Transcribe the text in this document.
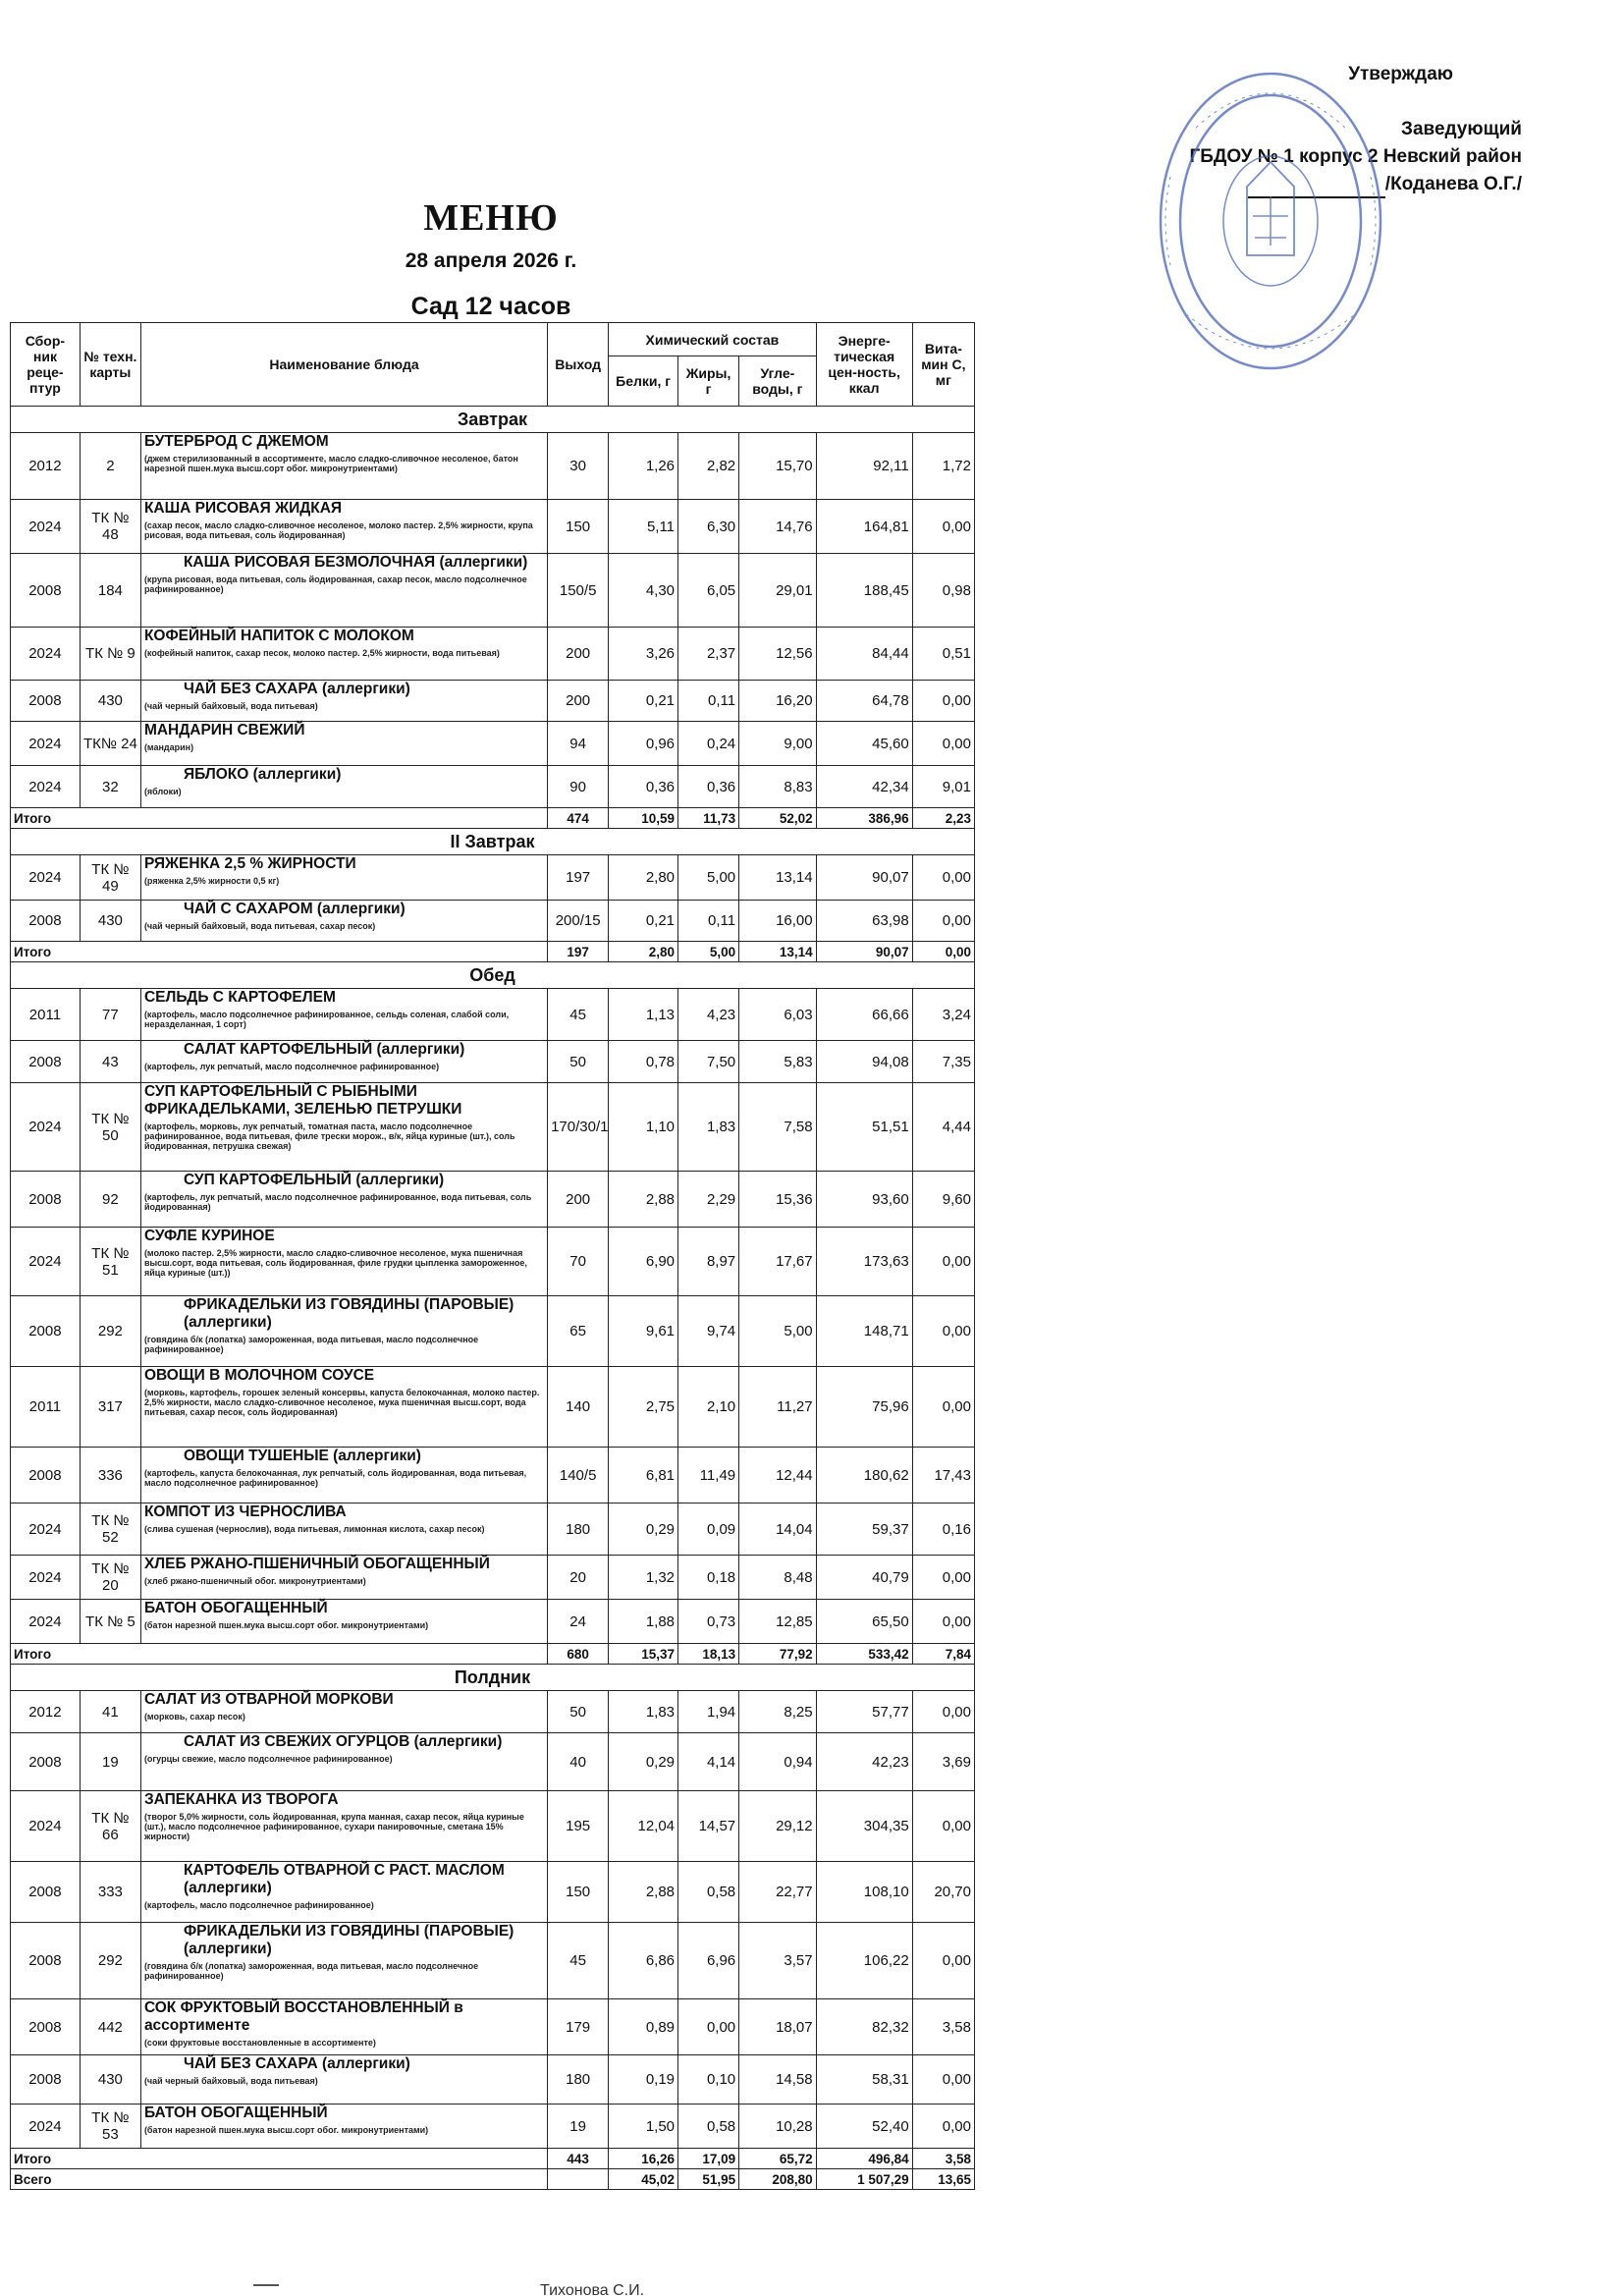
Утверждаю
Заведующий
ГБДОУ № 1 корпус 2 Невский район
/Коданева О.Г./
МЕНЮ
28 апреля 2026 г.
Сад 12 часов
Сбор-ник реце-птур	№ техн. карты	Наименование блюда	Выход	Химический состав			Энерге-тическая цен-ность, ккал	Вита-мин С, мг
				Белки, г	Жиры, г	Угле-воды, г		
Завтрак								
2012	2	БУТЕРБРОД С ДЖЕМОМ
(джем стерилизованный в ассортименте, масло сладко-сливочное несоленое, батон нарезной пшен.мука высш.сорт обог. микронутриентами)	30	1,26	2,82	15,70	92,11	1,72
2024	ТК № 48	КАША РИСОВАЯ ЖИДКАЯ
(сахар песок, масло сладко-сливочное несоленое, молоко пастер. 2,5% жирности, крупа рисовая, вода питьевая, соль йодированная)	150	5,11	6,30	14,76	164,81	0,00
2008	184	КАША РИСОВАЯ БЕЗМОЛОЧНАЯ (аллергики)
(крупа рисовая, вода питьевая, соль йодированная, сахар песок, масло подсолнечное рафинированное)	150/5	4,30	6,05	29,01	188,45	0,98
2024	ТК № 9	КОФЕЙНЫЙ НАПИТОК С МОЛОКОМ
(кофейный напиток, сахар песок, молоко пастер. 2,5% жирности, вода питьевая)	200	3,26	2,37	12,56	84,44	0,51
2008	430	ЧАЙ БЕЗ САХАРА (аллергики)
(чай черный байховый, вода питьевая)	200	0,21	0,11	16,20	64,78	0,00
2024	ТК№ 24	МАНДАРИН СВЕЖИЙ
(мандарин)	94	0,96	0,24	9,00	45,60	0,00
2024	32	ЯБЛОКО (аллергики)
(яблоки)	90	0,36	0,36	8,83	42,34	9,01
Итого			474	10,59	11,73	52,02	386,96	2,23
II Завтрак								
2024	ТК № 49	РЯЖЕНКА 2,5 % ЖИРНОСТИ
(ряженка 2,5% жирности 0,5 кг)	197	2,80	5,00	13,14	90,07	0,00
2008	430	ЧАЙ С САХАРОМ (аллергики)
(чай черный байховый, вода питьевая, сахар песок)	200/15	0,21	0,11	16,00	63,98	0,00
Итого			197	2,80	5,00	13,14	90,07	0,00
Обед								
2011	77	СЕЛЬДЬ С КАРТОФЕЛЕМ
(картофель, масло подсолнечное рафинированное, сельдь соленая, слабой соли, неразделанная, 1 сорт)	45	1,13	4,23	6,03	66,66	3,24
2008	43	САЛАТ КАРТОФЕЛЬНЫЙ (аллергики)
(картофель, лук репчатый, масло подсолнечное рафинированное)	50	0,78	7,50	5,83	94,08	7,35
2024	ТК № 50	СУП КАРТОФЕЛЬНЫЙ С РЫБНЫМИ ФРИКАДЕЛЬКАМИ, ЗЕЛЕНЬЮ ПЕТРУШКИ
(картофель, морковь, лук репчатый, томатная паста, масло подсолнечное рафинированное, вода питьевая, филе трески морож., в/к, яйца куриные (шт.), соль йодированная, петрушка свежая)	170/30/1	1,10	1,83	7,58	51,51	4,44
2008	92	СУП КАРТОФЕЛЬНЫЙ (аллергики)
(картофель, лук репчатый, масло подсолнечное рафинированное, вода питьевая, соль йодированная)	200	2,88	2,29	15,36	93,60	9,60
2024	ТК № 51	СУФЛЕ КУРИНОЕ
(молоко пастер. 2,5% жирности, масло сладко-сливочное несоленое, мука пшеничная высш.сорт, вода питьевая, соль йодированная, филе грудки цыпленка замороженное, яйца куриные (шт.))	70	6,90	8,97	17,67	173,63	0,00
2008	292	ФРИКАДЕЛЬКИ ИЗ ГОВЯДИНЫ (ПАРОВЫЕ) (аллергики)
(говядина б/к (лопатка) замороженная, вода питьевая, масло подсолнечное рафинированное)	65	9,61	9,74	5,00	148,71	0,00
2011	317	ОВОЩИ В МОЛОЧНОМ СОУСЕ
(морковь, картофель, горошек зеленый консервы, капуста белокочанная, молоко пастер. 2,5% жирности, масло сладко-сливочное несоленое, мука пшеничная высш.сорт, вода питьевая, сахар песок, соль йодированная)	140	2,75	2,10	11,27	75,96	0,00
2008	336	ОВОЩИ ТУШЕНЫЕ (аллергики)
(картофель, капуста белокочанная, лук репчатый, соль йодированная, вода питьевая, масло подсолнечное рафинированное)	140/5	6,81	11,49	12,44	180,62	17,43
2024	ТК № 52	КОМПОТ ИЗ ЧЕРНОСЛИВА
(слива сушеная (чернослив), вода питьевая, лимонная кислота, сахар песок)	180	0,29	0,09	14,04	59,37	0,16
2024	ТК № 20	ХЛЕБ РЖАНО-ПШЕНИЧНЫЙ ОБОГАЩЕННЫЙ
(хлеб ржано-пшеничный обог. микронутриентами)	20	1,32	0,18	8,48	40,79	0,00
2024	ТК № 5	БАТОН ОБОГАЩЕННЫЙ
(батон нарезной пшен.мука высш.сорт обог. микронутриентами)	24	1,88	0,73	12,85	65,50	0,00
Итого			680	15,37	18,13	77,92	533,42	7,84
Полдник								
2012	41	САЛАТ ИЗ ОТВАРНОЙ МОРКОВИ
(морковь, сахар песок)	50	1,83	1,94	8,25	57,77	0,00
2008	19	САЛАТ ИЗ СВЕЖИХ ОГУРЦОВ (аллергики)
(огурцы свежие, масло подсолнечное рафинированное)	40	0,29	4,14	0,94	42,23	3,69
2024	ТК № 66	ЗАПЕКАНКА ИЗ ТВОРОГА
(творог 5,0% жирности, соль йодированная, крупа манная, сахар песок, яйца куриные (шт.), масло подсолнечное рафинированное, сухари панировочные, сметана 15% жирности)	195	12,04	14,57	29,12	304,35	0,00
2008	333	КАРТОФЕЛЬ ОТВАРНОЙ С РАСТ. МАСЛОМ (аллергики)
(картофель, масло подсолнечное рафинированное)	150	2,88	0,58	22,77	108,10	20,70
2008	292	ФРИКАДЕЛЬКИ ИЗ ГОВЯДИНЫ (ПАРОВЫЕ) (аллергики)
(говядина б/к (лопатка) замороженная, вода питьевая, масло подсолнечное рафинированное)	45	6,86	6,96	3,57	106,22	0,00
2008	442	СОК ФРУКТОВЫЙ ВОССТАНОВЛЕННЫЙ в ассортименте
(соки фруктовые восстановленные в ассортименте)	179	0,89	0,00	18,07	82,32	3,58
2008	430	ЧАЙ БЕЗ САХАРА (аллергики)
(чай черный байховый, вода питьевая)	180	0,19	0,10	14,58	58,31	0,00
2024	ТК № 53	БАТОН ОБОГАЩЕННЫЙ
(батон нарезной пшен.мука высш.сорт обог. микронутриентами)	19	1,50	0,58	10,28	52,40	0,00
Итого			443	16,26	17,09	65,72	496,84	3,58
Всего				45,02	51,95	208,80	1 507,29	13,65
Тихонова С.И.
